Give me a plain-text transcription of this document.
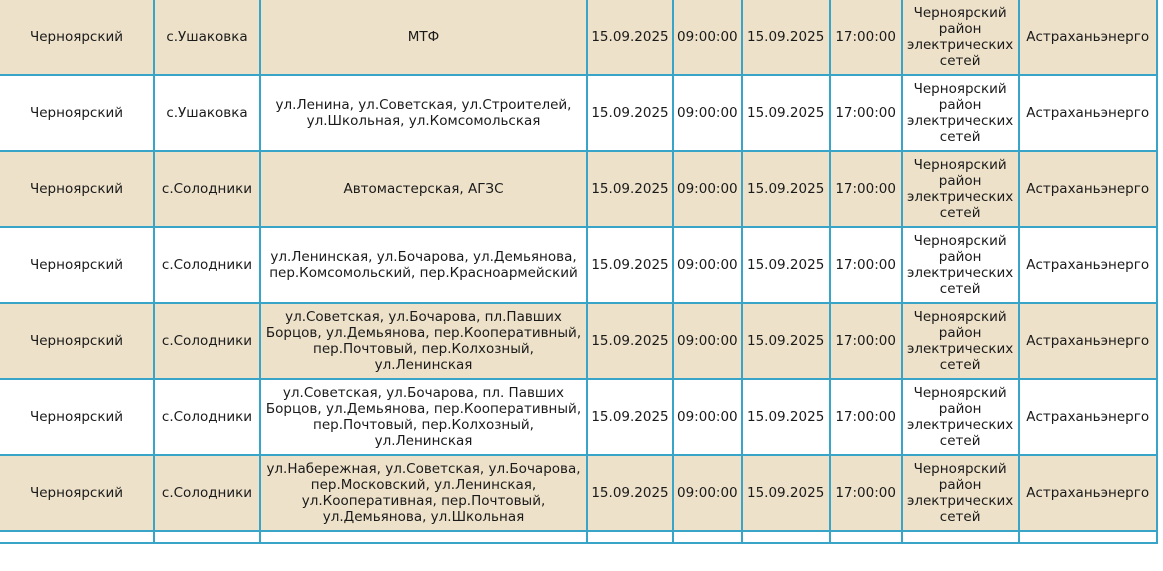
Черноярский	с.Ушаковка	МТФ	15.09.2025	09:00:00	15.09.2025	17:00:00	Черноярский район электрических сетей	Астраханьэнерго
Черноярский	с.Ушаковка	ул.Ленина, ул.Советская, ул.Строителей, ул.Школьная, ул.Комсомольская	15.09.2025	09:00:00	15.09.2025	17:00:00	Черноярский район электрических сетей	Астраханьэнерго
Черноярский	с.Солодники	Автомастерская, АГЗС	15.09.2025	09:00:00	15.09.2025	17:00:00	Черноярский район электрических сетей	Астраханьэнерго
Черноярский	с.Солодники	ул.Ленинская, ул.Бочарова, ул.Демьянова, пер.Комсомольский, пер.Красноармейский	15.09.2025	09:00:00	15.09.2025	17:00:00	Черноярский район электрических сетей	Астраханьэнерго
Черноярский	с.Солодники	ул.Советская, ул.Бочарова, пл.Павших Борцов, ул.Демьянова, пер.Кооперативный, пер.Почтовый, пер.Колхозный, ул.Ленинская	15.09.2025	09:00:00	15.09.2025	17:00:00	Черноярский район электрических сетей	Астраханьэнерго
Черноярский	с.Солодники	ул.Советская, ул.Бочарова, пл. Павших Борцов, ул.Демьянова, пер.Кооперативный, пер.Почтовый, пер.Колхозный, ул.Ленинская	15.09.2025	09:00:00	15.09.2025	17:00:00	Черноярский район электрических сетей	Астраханьэнерго
Черноярский	с.Солодники	ул.Набережная, ул.Советская, ул.Бочарова, пер.Московский, ул.Ленинская, ул.Кооперативная, пер.Почтовый, ул.Демьянова, ул.Школьная	15.09.2025	09:00:00	15.09.2025	17:00:00	Черноярский район электрических сетей	Астраханьэнерго
